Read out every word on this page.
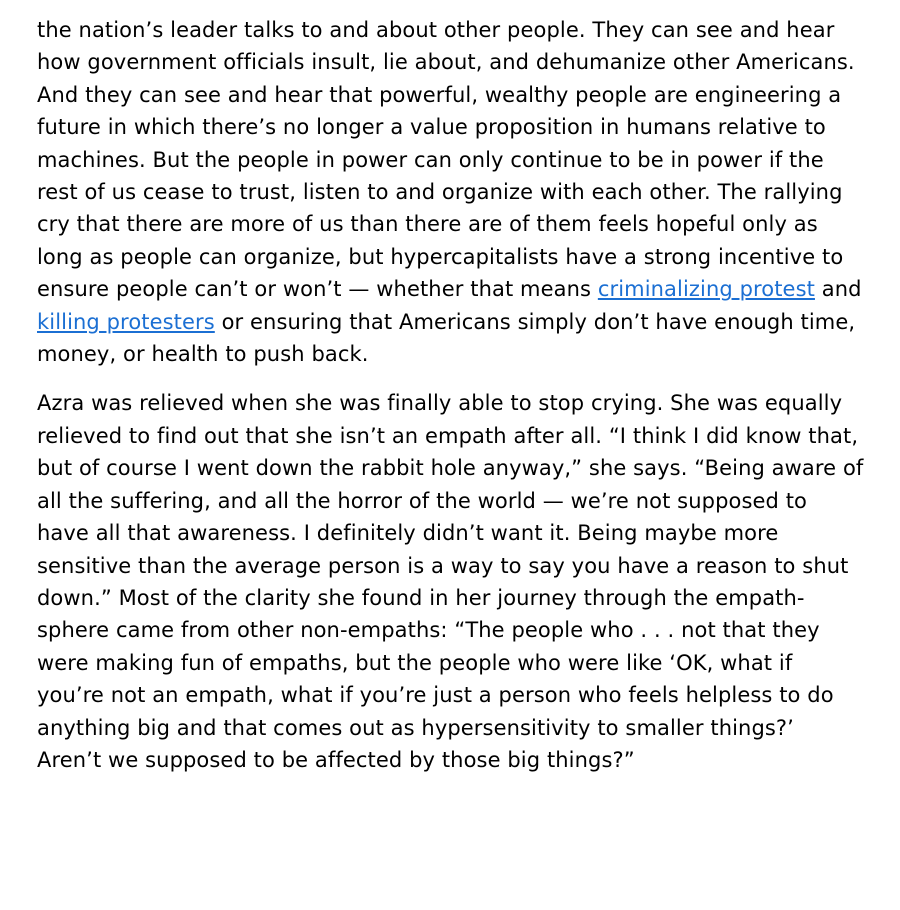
the nation’s leader talks to and about other people. They can see and hear how government officials insult, lie about, and dehumanize other Americans. And they can see and hear that powerful, wealthy people are engineering a future in which there’s no longer a value proposition in humans relative to machines. But the people in power can only continue to be in power if the rest of us cease to trust, listen to and organize with each other. The rallying cry that there are more of us than there are of them feels hopeful only as long as people can organize, but hypercapitalists have a strong incentive to ensure people can’t or won’t — whether that means criminalizing protest and killing protesters or ensuring that Americans simply don’t have enough time, money, or health to push back.

Azra was relieved when she was finally able to stop crying. She was equally relieved to find out that she isn’t an empath after all. “I think I did know that, but of course I went down the rabbit hole anyway,” she says. “Being aware of all the suffering, and all the horror of the world — we’re not supposed to have all that awareness. I definitely didn’t want it. Being maybe more sensitive than the average person is a way to say you have a reason to shut down.” Most of the clarity she found in her journey through the empath-sphere came from other non-empaths: “The people who . . . not that they were making fun of empaths, but the people who were like ‘OK, what if you’re not an empath, what if you’re just a person who feels helpless to do anything big and that comes out as hypersensitivity to smaller things?’ Aren’t we supposed to be affected by those big things?”
